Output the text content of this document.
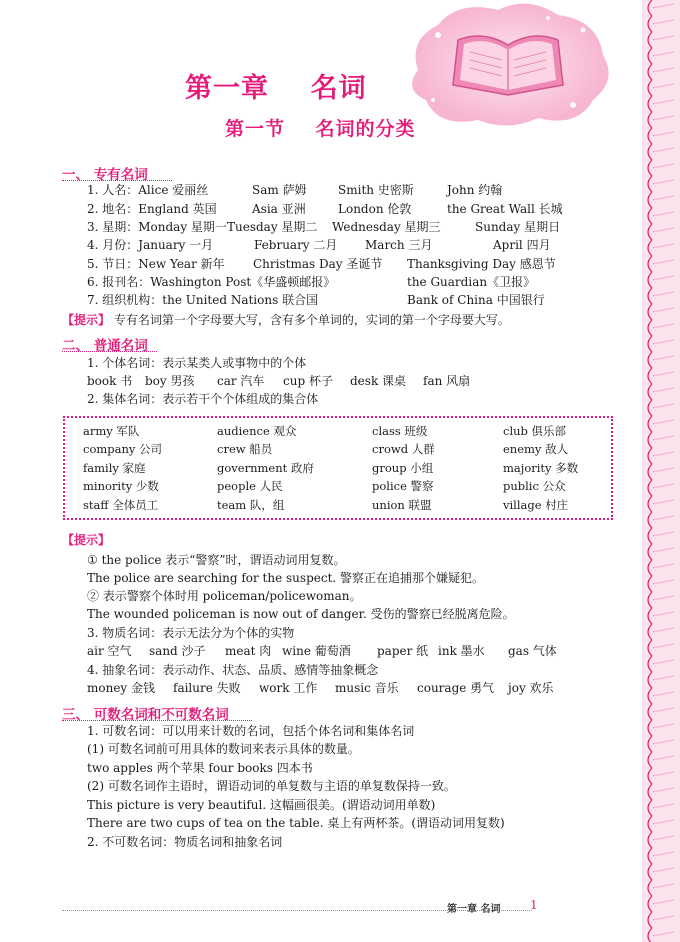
第一章    名词
第一节    名词的分类
一、 专有名词
1. 人名：Alice 爱丽丝	Sam 萨姆	Smith 史密斯	John 约翰
2. 地名：England 英国	Asia 亚洲	London 伦敦	the Great Wall 长城
3. 星期：Monday 星期一 Tuesday 星期二 Wednesday 星期三	Sunday 星期日
4. 月份：January 一月	February 二月 March 三月	April 四月
5. 节日：New Year 新年 Christmas Day 圣诞节 Thanksgiving Day 感恩节
6. 报刊名：Washington Post《华盛顿邮报》	the Guardian《卫报》
7. 组织机构：the United Nations 联合国	Bank of China 中国银行
【提示】 专有名词第一个字母要大写，含有多个单词的，实词的第一个字母要大写。
二、 普通名词
1. 个体名词：表示某类人或事物中的个体
book 书 boy 男孩 car 汽车 cup 杯子 desk 课桌 fan 风扇
2. 集体名词：表示若干个个体组成的集合体
army 军队	audience 观众	class 班级	club 俱乐部
company 公司	crew 船员	crowd 人群	enemy 敌人
family 家庭	government 政府	group 小组	majority 多数
minority 少数	people 人民	police 警察	public 公众
staff 全体员工	team 队，组	union 联盟	village 村庄
【提示】
① the police 表示“警察”时，谓语动词用复数。
The police are searching for the suspect. 警察正在追捕那个嫌疑犯。
② 表示警察个体时用 policeman/policewoman。
The wounded policeman is now out of danger. 受伤的警察已经脱离危险。
3. 物质名词：表示无法分为个体的实物
air 空气 sand 沙子 meat 肉 wine 葡萄酒 paper 纸 ink 墨水 gas 气体
4. 抽象名词：表示动作、状态、品质、感情等抽象概念
money 金钱 failure 失败 work 工作 music 音乐 courage 勇气 joy 欢乐
三、 可数名词和不可数名词
1. 可数名词：可以用来计数的名词，包括个体名词和集体名词
(1) 可数名词前可用具体的数词来表示具体的数量。
two apples 两个苹果 four books 四本书
(2) 可数名词作主语时，谓语动词的单复数与主语的单复数保持一致。
This picture is very beautiful. 这幅画很美。(谓语动词用单数)
There are two cups of tea on the table. 桌上有两杯茶。(谓语动词用复数)
2. 不可数名词：物质名词和抽象名词
第一章 名词 1
